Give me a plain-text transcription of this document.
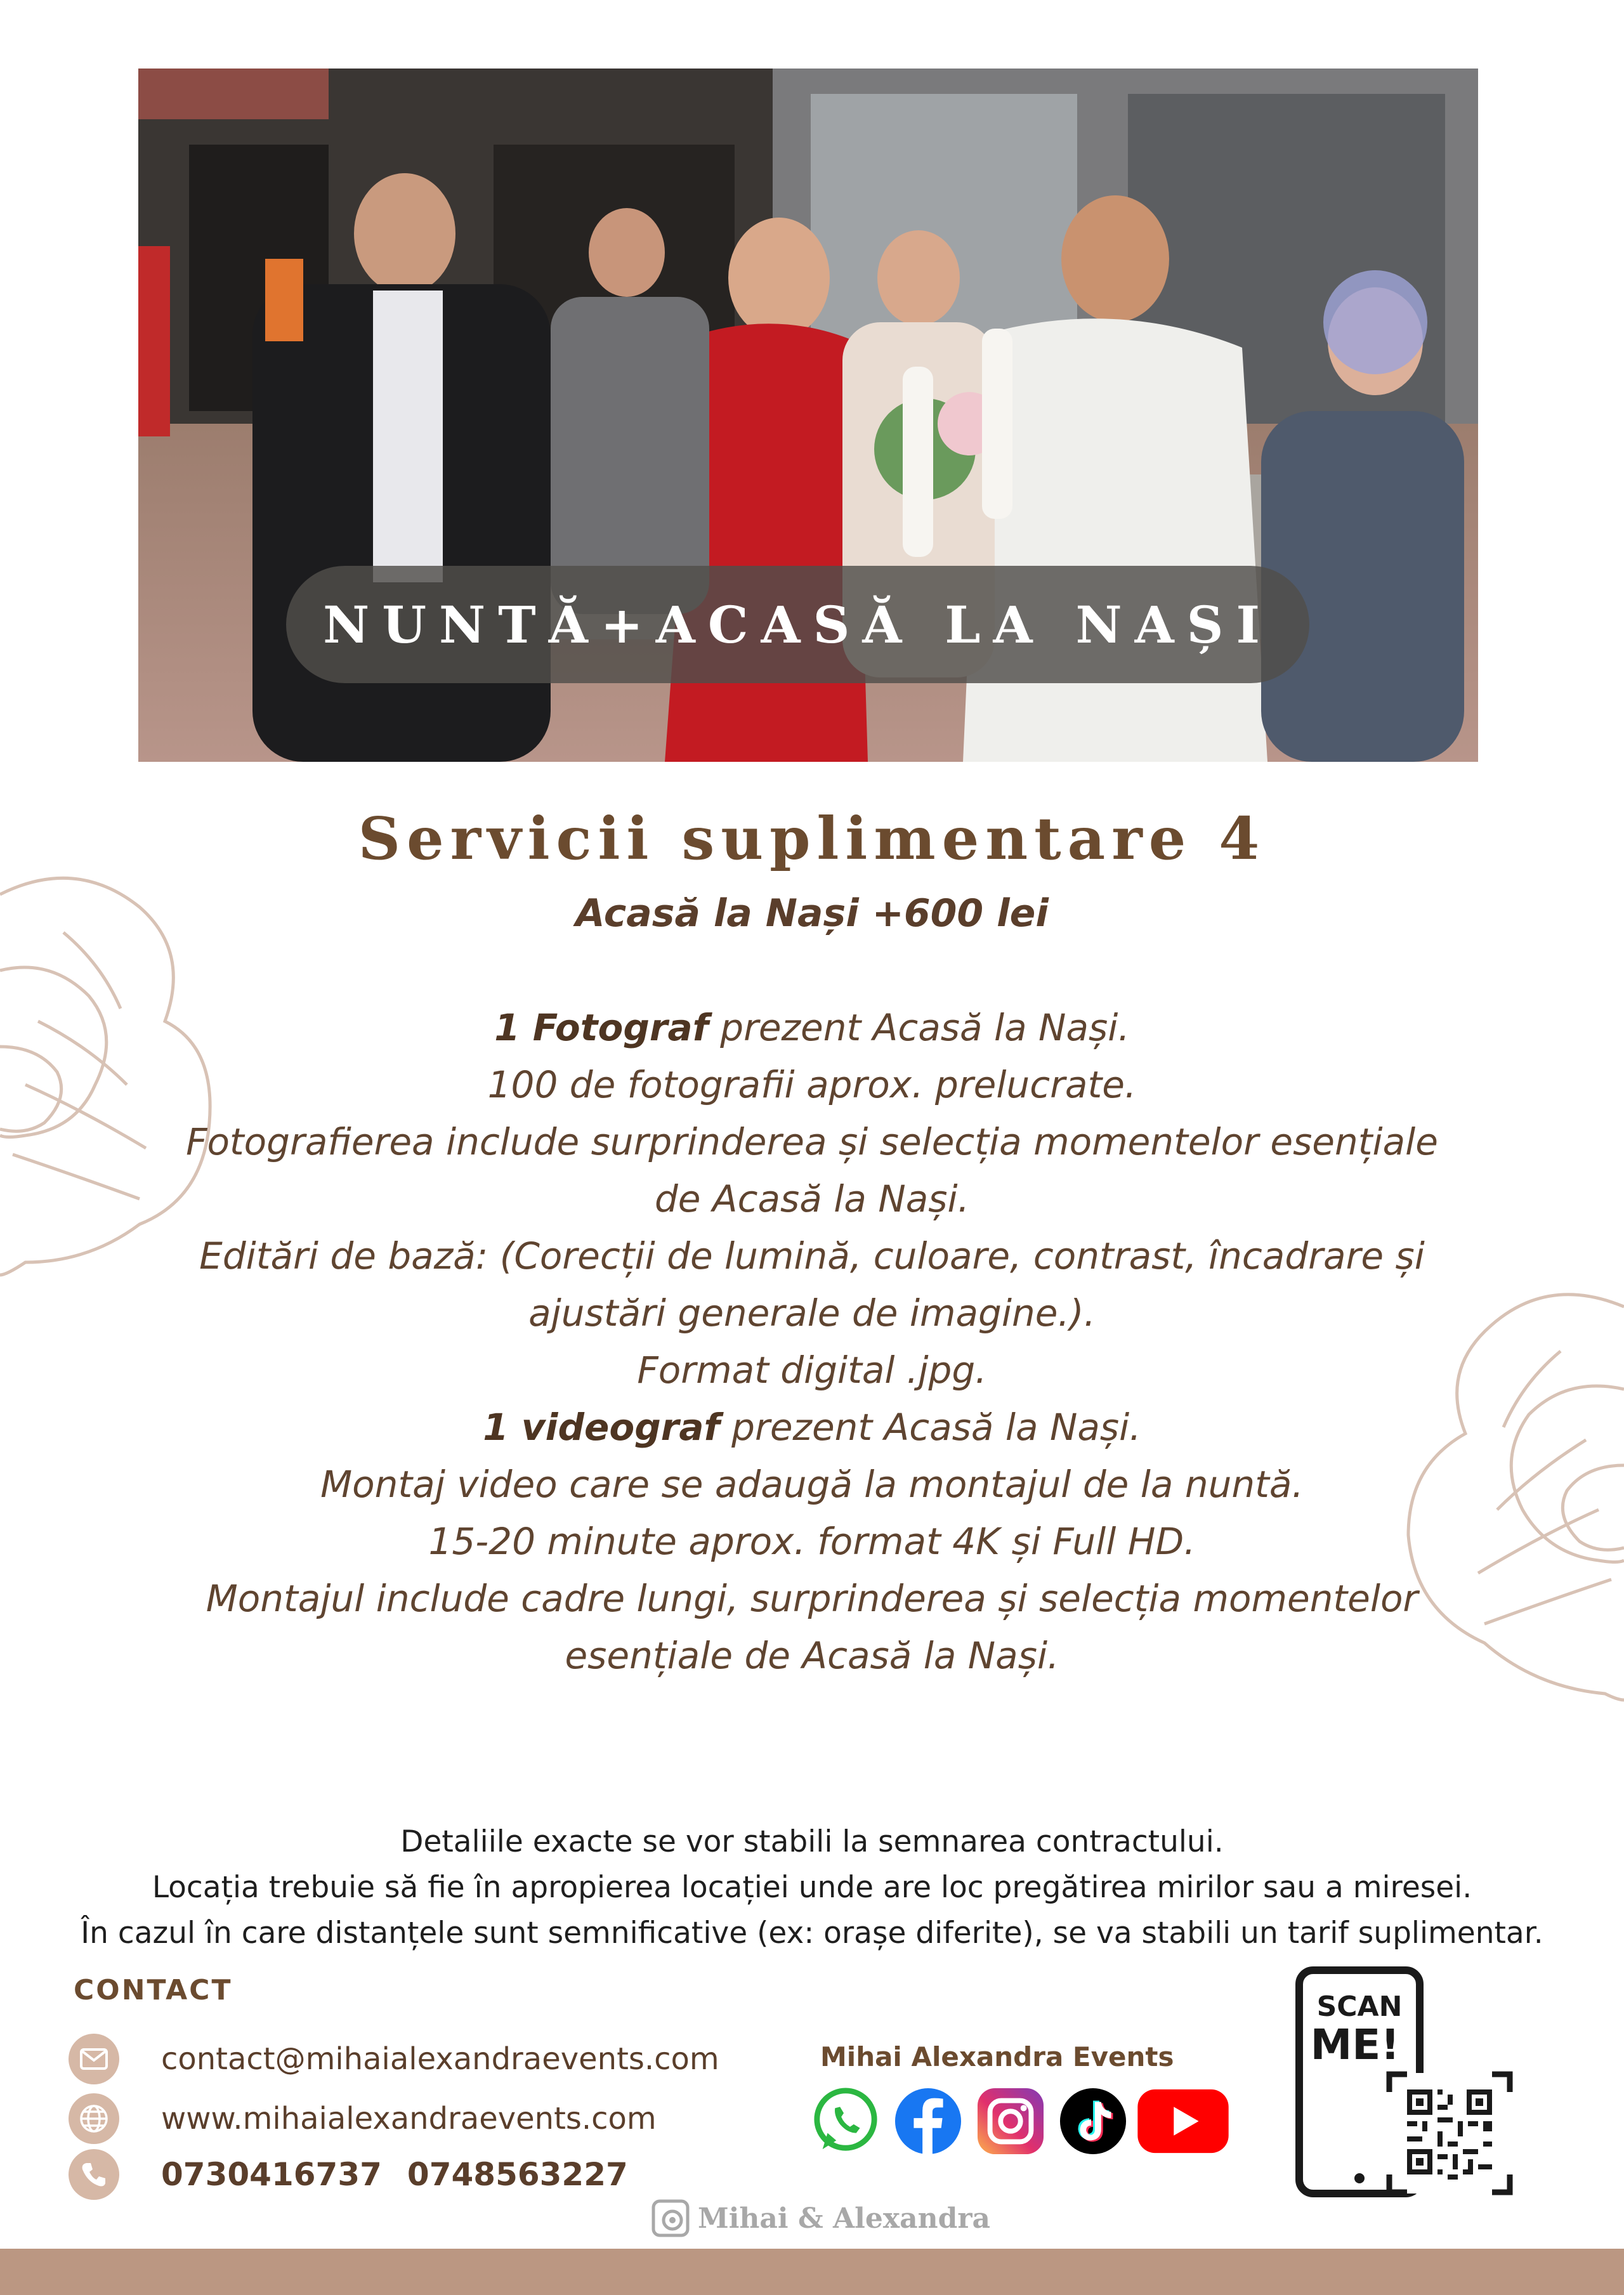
NUNTĂ+ACASĂ LA NAȘI
Servicii suplimentare 4
Acasă la Nași +600 lei

1 Fotograf prezent Acasă la Nași.

100 de fotografii aprox. prelucrate.

Fotografierea include surprinderea și selecția momentelor esențiale

de Acasă la Nași.

Editări de bază: (Corecții de lumină, culoare, contrast, încadrare și

ajustări generale de imagine.).

Format digital .jpg.

1 videograf prezent Acasă la Nași.

Montaj video care se adaugă la montajul de la nuntă.

15-20 minute aprox. format 4K și Full HD.

Montajul include cadre lungi, surprinderea și selecția momentelor

esențiale de Acasă la Nași.

Detaliile exacte se vor stabili la semnarea contractului.

Locația trebuie să fie în apropierea locației unde are loc pregătirea mirilor sau a miresei.

În cazul în care distanțele sunt semnificative (ex: orașe diferite), se va stabili un tarif suplimentar.

CONTACT
contact@mihaialexandraevents.com
www.mihaialexandraevents.com
0730416737 0748563227
Mihai Alexandra Events
SCAN
ME!
Mihai & Alexandra
